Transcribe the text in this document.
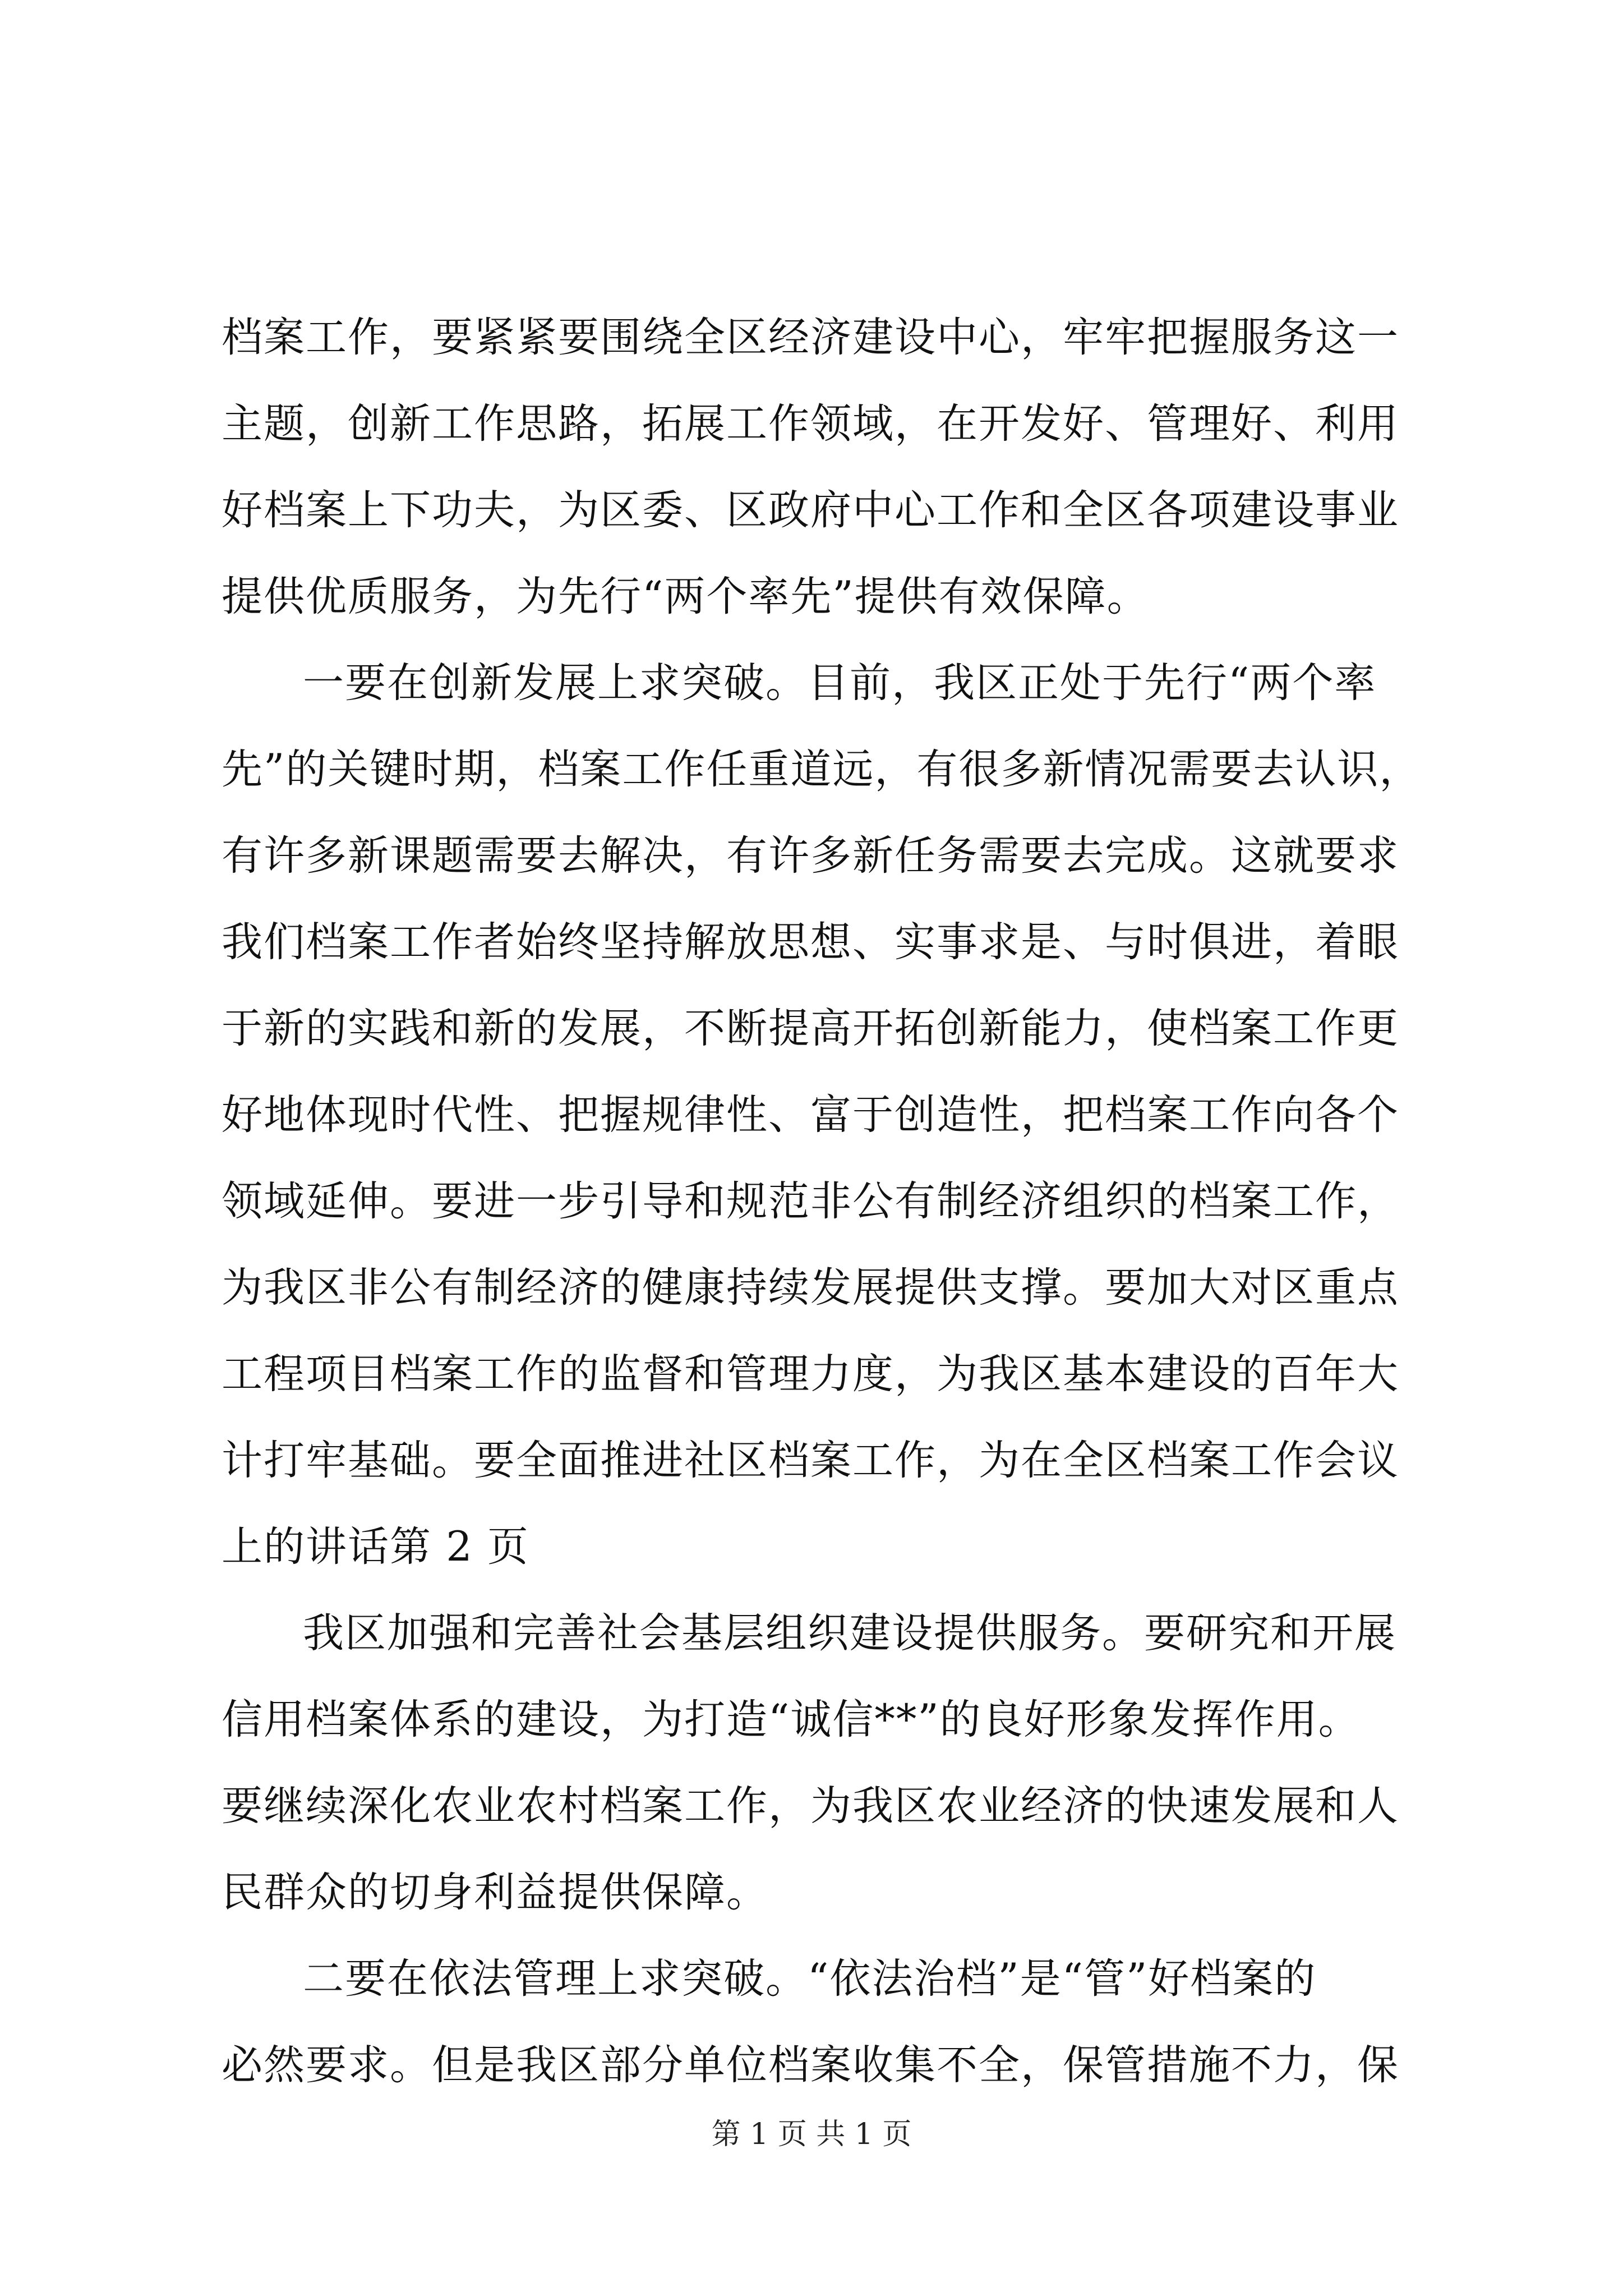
档案工作，要紧紧要围绕全区经济建设中心，牢牢把握服务这一
主题，创新工作思路，拓展工作领域，在开发好、管理好、利用
好档案上下功夫，为区委、区政府中心工作和全区各项建设事业
提供优质服务，为先行“两个率先”提供有效保障。
一要在创新发展上求突破。目前，我区正处于先行“两个率
先”的关键时期，档案工作任重道远，有很多新情况需要去认识，
有许多新课题需要去解决，有许多新任务需要去完成。这就要求
我们档案工作者始终坚持解放思想、实事求是、与时俱进，着眼
于新的实践和新的发展，不断提高开拓创新能力，使档案工作更
好地体现时代性、把握规律性、富于创造性，把档案工作向各个
领域延伸。要进一步引导和规范非公有制经济组织的档案工作，
为我区非公有制经济的健康持续发展提供支撑。要加大对区重点
工程项目档案工作的监督和管理力度，为我区基本建设的百年大
计打牢基础。要全面推进社区档案工作，为在全区档案工作会议
上的讲话第 2 页
我区加强和完善社会基层组织建设提供服务。要研究和开展
信用档案体系的建设，为打造“诚信**”的良好形象发挥作用。
要继续深化农业农村档案工作，为我区农业经济的快速发展和人
民群众的切身利益提供保障。
二要在依法管理上求突破。“依法治档”是“管”好档案的
必然要求。但是我区部分单位档案收集不全，保管措施不力，保
第 1 页 共 1 页
